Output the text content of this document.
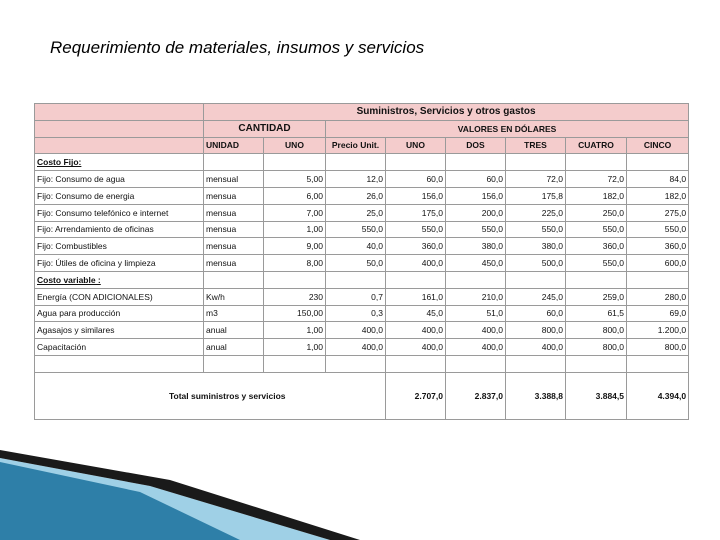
Requerimiento de materiales, insumos y servicios
	Suministros, Servicios y otros gastos							
	CANTIDAD		VALORES EN DÓLARES					
	UNIDAD	UNO	Precio Unit.	UNO	DOS	TRES	CUATRO	CINCO
Costo Fijo:								
Fijo: Consumo de agua	mensual	5,00	12,0	60,0	60,0	72,0	72,0	84,0
Fijo: Consumo de energia	mensua	6,00	26,0	156,0	156,0	175,8	182,0	182,0
Fijo: Consumo telefónico e internet	mensua	7,00	25,0	175,0	200,0	225,0	250,0	275,0
Fijo: Arrendamiento de oficinas	mensua	1,00	550,0	550,0	550,0	550,0	550,0	550,0
Fijo: Combustibles	mensua	9,00	40,0	360,0	380,0	380,0	360,0	360,0
Fijo: Útiles de oficina y limpieza	mensua	8,00	50,0	400,0	450,0	500,0	550,0	600,0
Costo variable :								
Energía (CON ADICIONALES)	Kw/h	230	0,7	161,0	210,0	245,0	259,0	280,0
Agua para producción	m3	150,00	0,3	45,0	51,0	60,0	61,5	69,0
Agasajos y similares	anual	1,00	400,0	400,0	400,0	800,0	800,0	1.200,0
Capacitación	anual	1,00	400,0	400,0	400,0	400,0	800,0	800,0

Total suministros y servicios				2.707,0	2.837,0	3.388,8	3.884,5	4.394,0
